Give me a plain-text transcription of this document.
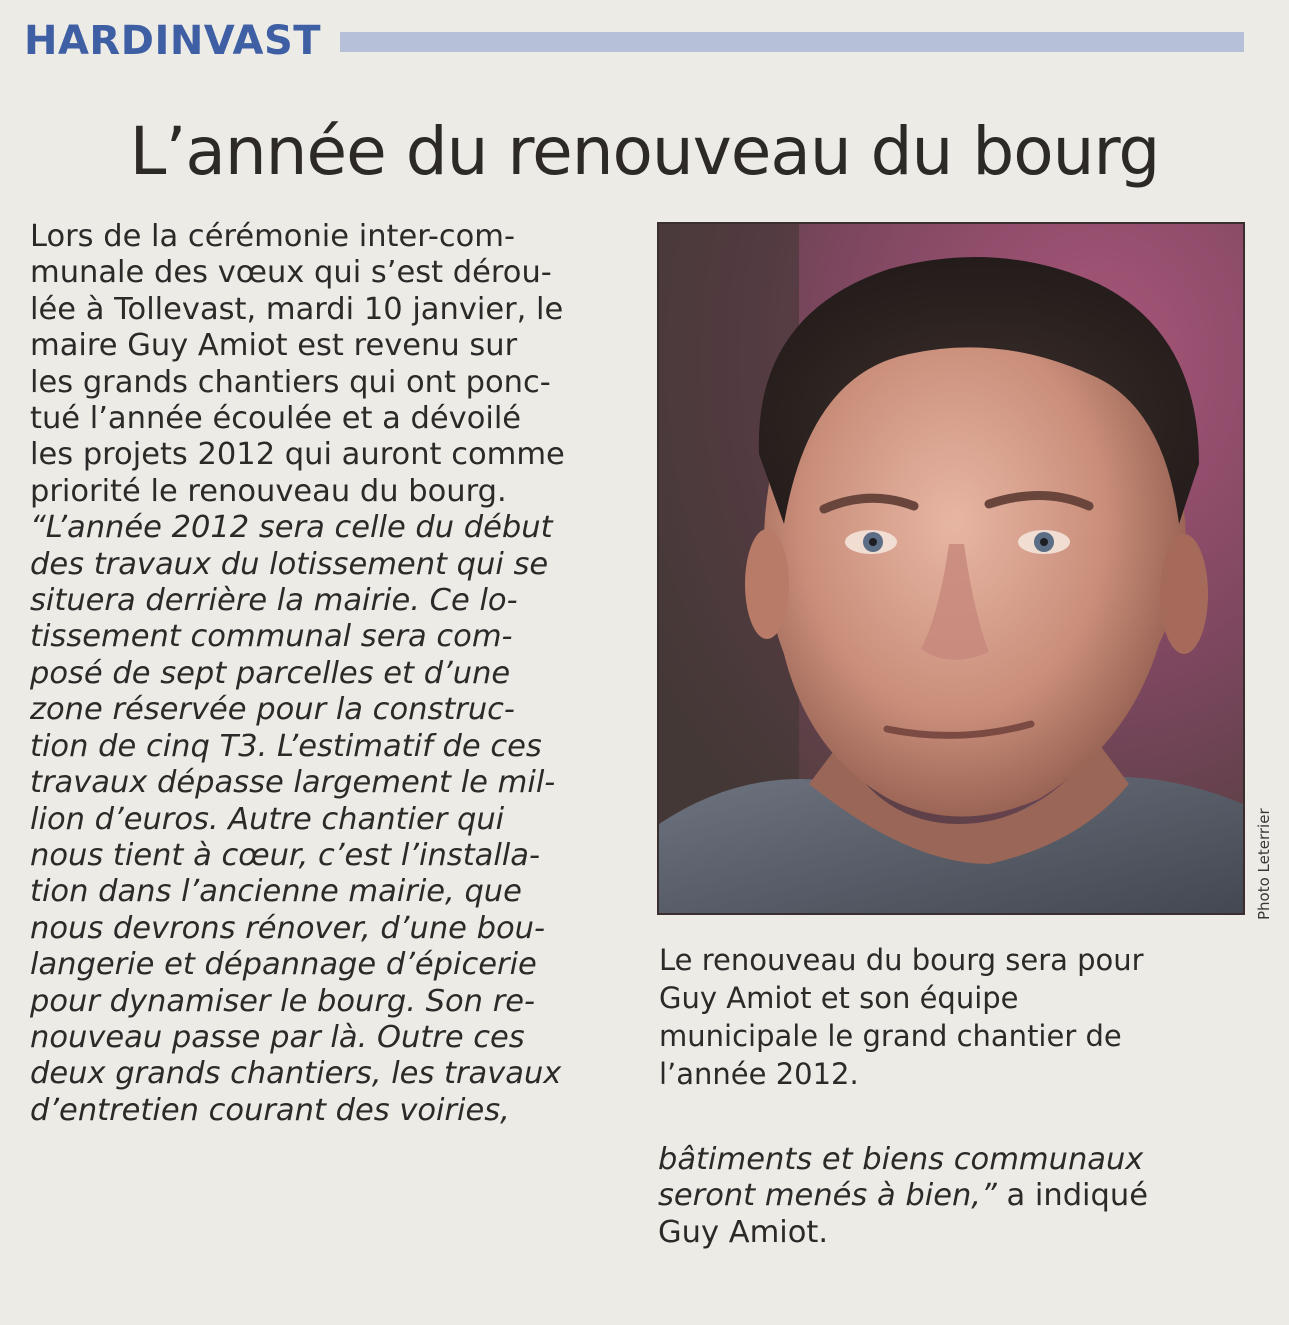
HARDINVAST
L’année du renouveau du bourg

Lors de la cérémonie inter-com-

munale des vœux qui s’est dérou-

lée à Tollevast, mardi 10 janvier, le

maire Guy Amiot est revenu sur

les grands chantiers qui ont ponc-

tué l’année écoulée et a dévoilé

les projets 2012 qui auront comme

priorité le renouveau du bourg.

“L’année 2012 sera celle du début

des travaux du lotissement qui se

situera derrière la mairie. Ce lo-

tissement communal sera com-

posé de sept parcelles et d’une

zone réservée pour la construc-

tion de cinq T3. L’estimatif de ces

travaux dépasse largement le mil-

lion d’euros. Autre chantier qui

nous tient à cœur, c’est l’installa-

tion dans l’ancienne mairie, que

nous devrons rénover, d’une bou-

langerie et dépannage d’épicerie

pour dynamiser le bourg. Son re-

nouveau passe par là. Outre ces

deux grands chantiers, les travaux

d’entretien courant des voiries,

Photo Leterrier

Le renouveau du bourg sera pour

Guy Amiot et son équipe

municipale le grand chantier de

l’année 2012.

bâtiments et biens communaux

seront menés à bien,” a indiqué

Guy Amiot.
